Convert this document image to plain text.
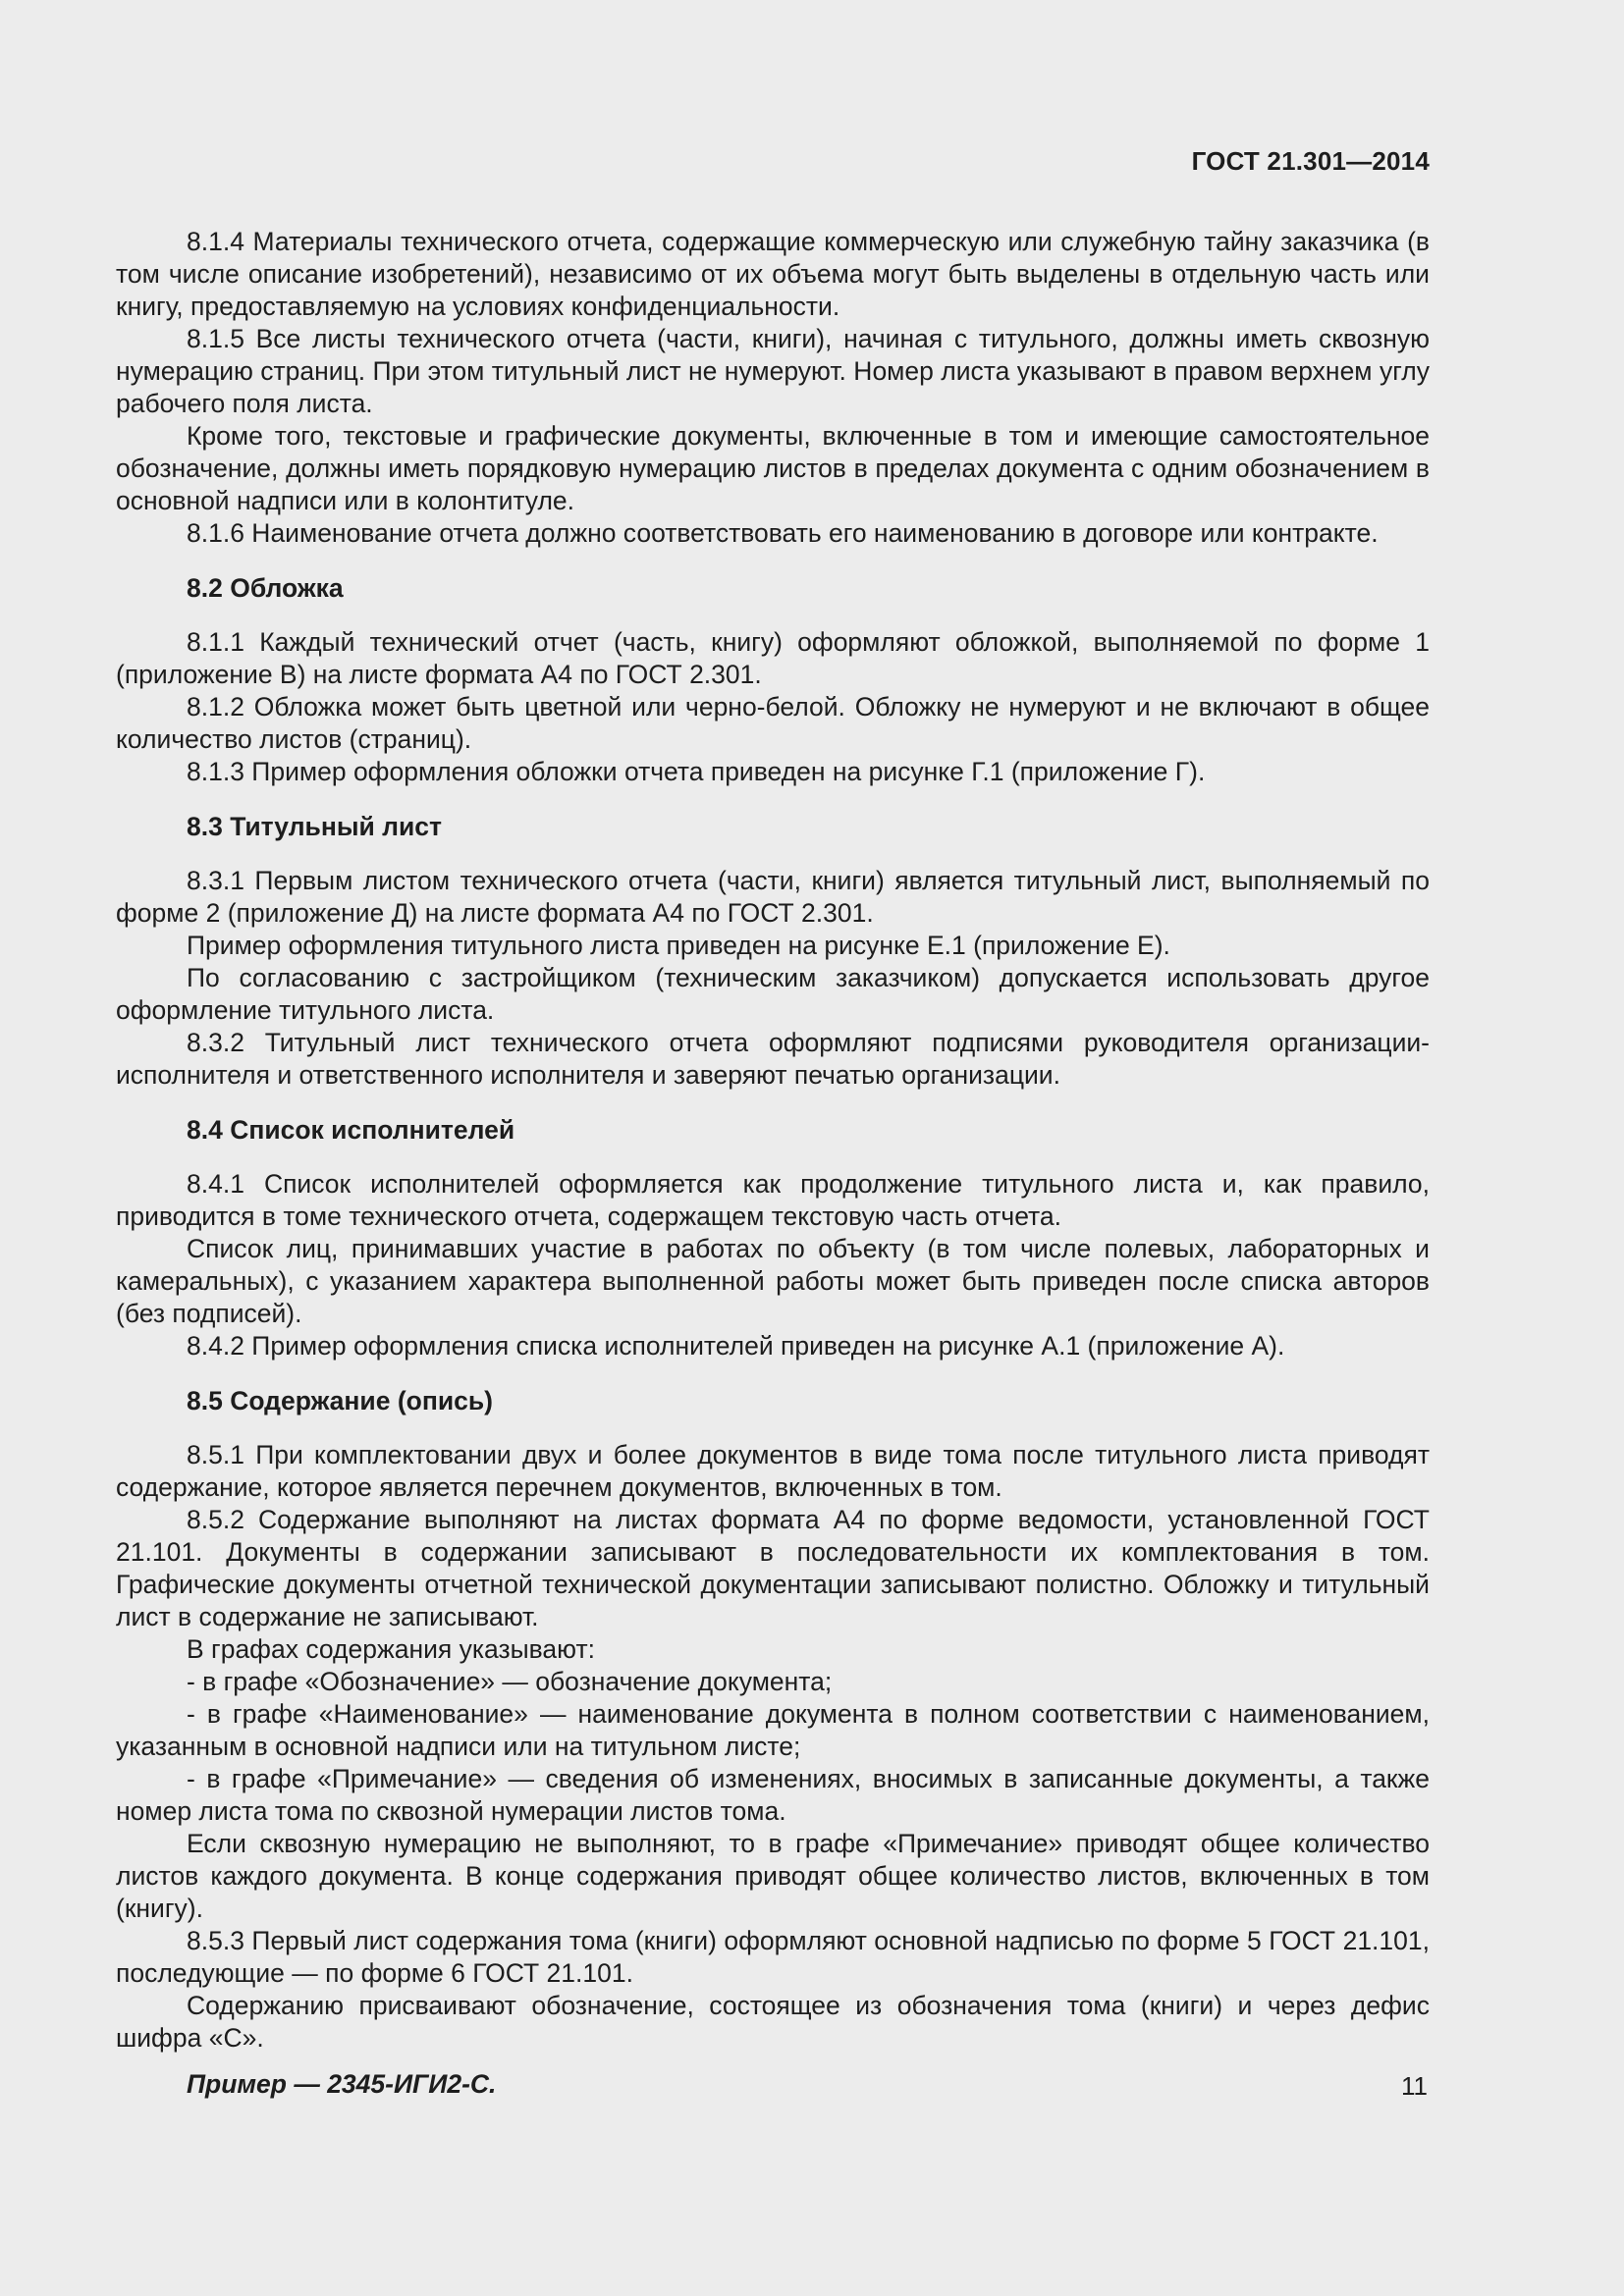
ГОСТ 21.301—2014

8.1.4 Материалы технического отчета, содержащие коммерческую или служебную тайну заказчика (в том числе описание изобретений), независимо от их объема могут быть выделены в отдельную часть или книгу, предоставляемую на условиях конфиденциальности.

8.1.5 Все листы технического отчета (части, книги), начиная с титульного, должны иметь сквозную нумерацию страниц. При этом титульный лист не нумеруют. Номер листа указывают в правом верхнем углу рабочего поля листа.

Кроме того, текстовые и графические документы, включенные в том и имеющие самостоятельное обозначение, должны иметь порядковую нумерацию листов в пределах документа с одним обозначением в основной надписи или в колонтитуле.

8.1.6 Наименование отчета должно соответствовать его наименованию в договоре или контракте.

8.2 Обложка

8.1.1 Каждый технический отчет (часть, книгу) оформляют обложкой, выполняемой по форме 1 (приложение В) на листе формата А4 по ГОСТ 2.301.

8.1.2 Обложка может быть цветной или черно-белой. Обложку не нумеруют и не включают в общее количество листов (страниц).

8.1.3 Пример оформления обложки отчета приведен на рисунке Г.1 (приложение Г).

8.3 Титульный лист

8.3.1 Первым листом технического отчета (части, книги) является титульный лист, выполняемый по форме 2 (приложение Д) на листе формата А4 по ГОСТ 2.301.

Пример оформления титульного листа приведен на рисунке Е.1 (приложение Е).

По согласованию с застройщиком (техническим заказчиком) допускается использовать другое оформление титульного листа.

8.3.2 Титульный лист технического отчета оформляют подписями руководителя организации-исполнителя и ответственного исполнителя и заверяют печатью организации.

8.4 Список исполнителей

8.4.1 Список исполнителей оформляется как продолжение титульного листа и, как правило, приводится в томе технического отчета, содержащем текстовую часть отчета.

Список лиц, принимавших участие в работах по объекту (в том числе полевых, лабораторных и камеральных), с указанием характера выполненной работы может быть приведен после списка авторов (без подписей).

8.4.2 Пример оформления списка исполнителей приведен на рисунке А.1 (приложение А).

8.5 Содержание (опись)

8.5.1 При комплектовании двух и более документов в виде тома после титульного листа приводят содержание, которое является перечнем документов, включенных в том.

8.5.2 Содержание выполняют на листах формата А4 по форме ведомости, установленной ГОСТ 21.101. Документы в содержании записывают в последовательности их комплектования в том. Графические документы отчетной технической документации записывают полистно. Обложку и титульный лист в содержание не записывают.

В графах содержания указывают:

- в графе «Обозначение» — обозначение документа;

- в графе «Наименование» — наименование документа в полном соответствии с наименованием, указанным в основной надписи или на титульном листе;

- в графе «Примечание» — сведения об изменениях, вносимых в записанные документы, а также номер листа тома по сквозной нумерации листов тома.

Если сквозную нумерацию не выполняют, то в графе «Примечание» приводят общее количество листов каждого документа. В конце содержания приводят общее количество листов, включенных в том (книгу).

8.5.3 Первый лист содержания тома (книги) оформляют основной надписью по форме 5 ГОСТ 21.101, последующие — по форме 6 ГОСТ 21.101.

Содержанию присваивают обозначение, состоящее из обозначения тома (книги) и через дефис шифра «С».

Пример — 2345-ИГИ2-С.	11
